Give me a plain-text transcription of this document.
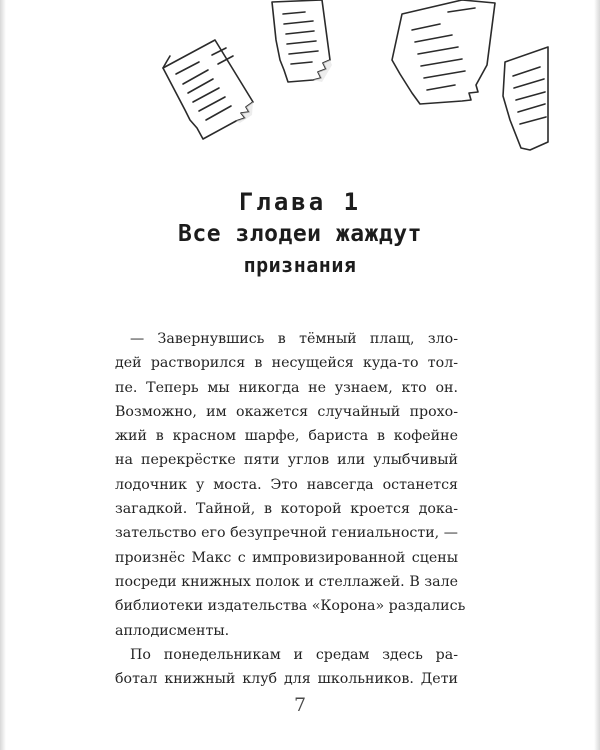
Глава 1
Все злодеи жаждут
признания
— Завернувшись в тёмный плащ, зло-
дей растворился в несущейся куда-то тол-
пе. Теперь мы никогда не узнаем, кто он.
Возможно, им окажется случайный прохо-
жий в красном шарфе, бариста в кофейне
на перекрёстке пяти углов или улыбчивый
лодочник у моста. Это навсегда останется
загадкой. Тайной, в которой кроется дока-
зательство его безупречной гениальности, —
произнёс Макс с импровизированной сцены
посреди книжных полок и стеллажей. В зале
библиотеки издательства «Корона» раздались
аплодисменты.
По понедельникам и средам здесь ра-
ботал книжный клуб для школьников. Дети
7
